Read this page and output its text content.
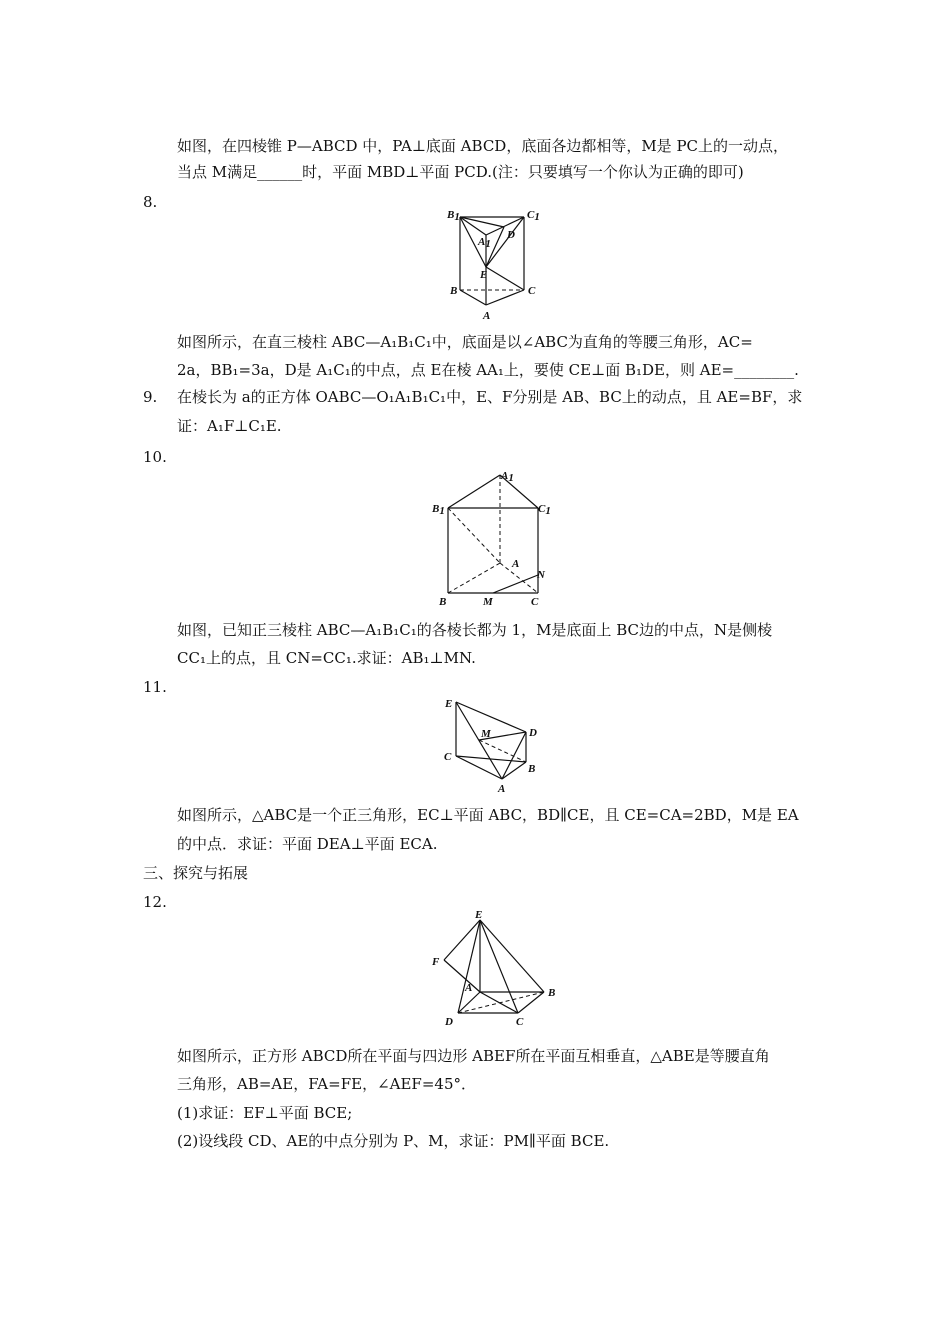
如图，在四棱锥 P—ABCD 中，PA⊥底面 ABCD，底面各边都相等，M是 PC上的一动点，
当点 M满足______时，平面 MBD⊥平面 PCD.(注：只要填写一个你认为正确的即可)
8.
B1	C1
A1
D
E
B	C
A
如图所示，在直三棱柱 ABC—A₁B₁C₁中，底面是以∠ABC为直角的等腰三角形，AC=
2a，BB₁=3a，D是 A₁C₁的中点，点 E在棱 AA₁上，要使 CE⊥面 B₁DE，则 AE=________.
9. 在棱长为 a的正方体 OABC—O₁A₁B₁C₁中，E、F分别是 AB、BC上的动点，且 AE=BF，求
证：A₁F⊥C₁E.
10.
A1
B1	C1
A
N
B	M	C
如图，已知正三棱柱 ABC—A₁B₁C₁的各棱长都为 1，M是底面上 BC边的中点，N是侧棱
CC₁上的点，且 CN=CC₁.求证：AB₁⊥MN.
11.
E
M	D
C
B
A
如图所示，△ABC是一个正三角形，EC⊥平面 ABC，BD∥CE，且 CE=CA=2BD，M是 EA
的中点．求证：平面 DEA⊥平面 ECA.
三、探究与拓展
12.
E
F
A	B
D	C
如图所示，正方形 ABCD所在平面与四边形 ABEF所在平面互相垂直，△ABE是等腰直角
三角形，AB=AE，FA=FE，∠AEF=45°．
(1)求证：EF⊥平面 BCE;
(2)设线段 CD、AE的中点分别为 P、M，求证：PM∥平面 BCE.
